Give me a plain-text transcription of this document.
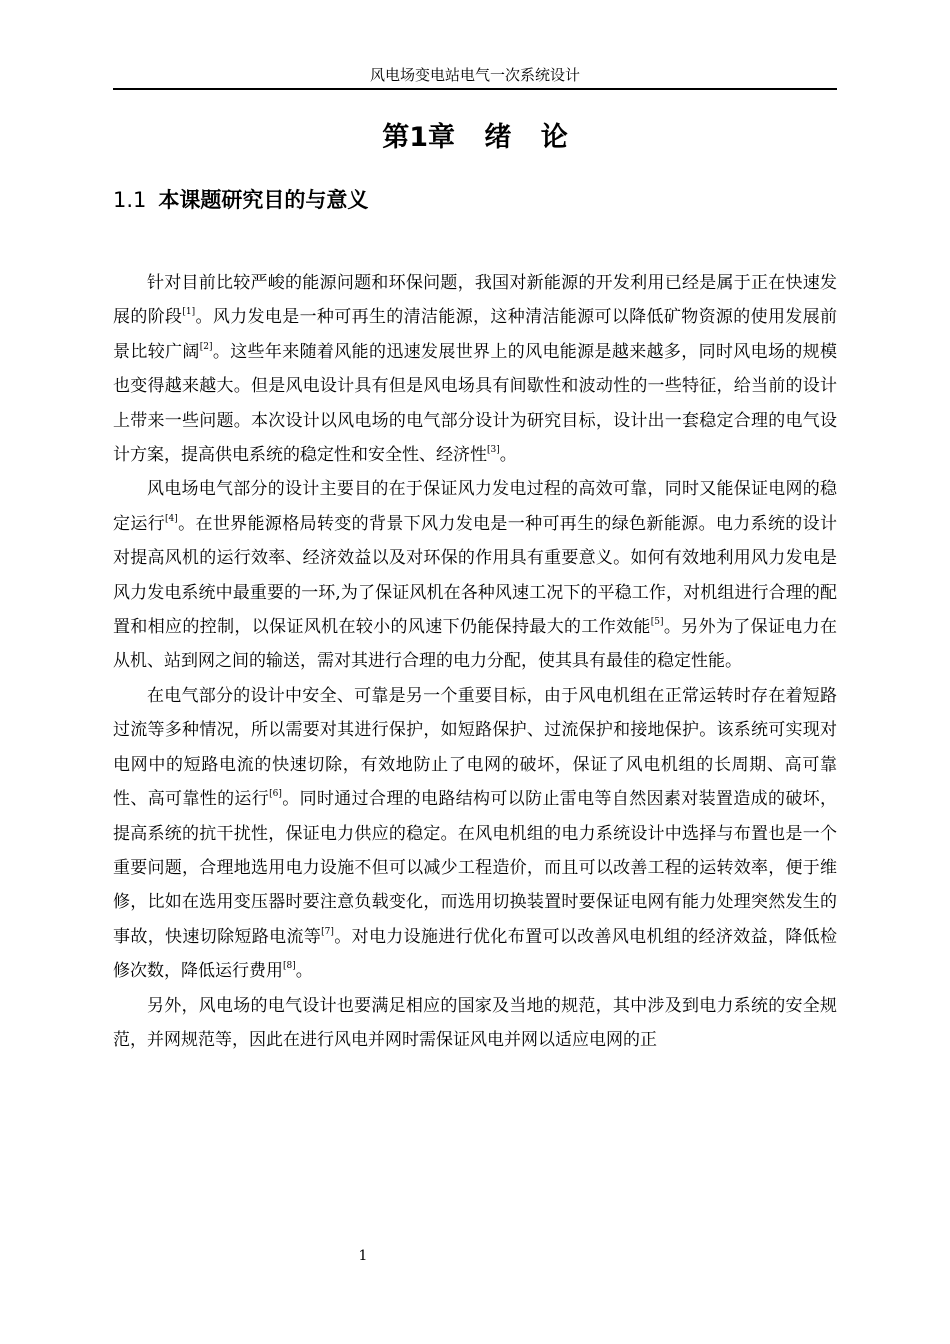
风电场变电站电气一次系统设计
第1章 绪 论
1.1 本课题研究目的与意义

针对目前比较严峻的能源问题和环保问题，我国对新能源的开发利用已经是属于正在快速发展的阶段[1]。风力发电是一种可再生的清洁能源，这种清洁能源可以降低矿物资源的使用发展前景比较广阔[2]。这些年来随着风能的迅速发展世界上的风电能源是越来越多，同时风电场的规模也变得越来越大。但是风电设计具有但是风电场具有间歇性和波动性的一些特征，给当前的设计上带来一些问题。本次设计以风电场的电气部分设计为研究目标，设计出一套稳定合理的电气设计方案，提高供电系统的稳定性和安全性、经济性[3]。

风电场电气部分的设计主要目的在于保证风力发电过程的高效可靠，同时又能保证电网的稳定运行[4]。在世界能源格局转变的背景下风力发电是一种可再生的绿色新能源。电力系统的设计对提高风机的运行效率、经济效益以及对环保的作用具有重要意义。如何有效地利用风力发电是风力发电系统中最重要的一环,为了保证风机在各种风速工况下的平稳工作，对机组进行合理的配置和相应的控制，以保证风机在较小的风速下仍能保持最大的工作效能[5]。另外为了保证电力在从机、站到网之间的输送，需对其进行合理的电力分配，使其具有最佳的稳定性能。

在电气部分的设计中安全、可靠是另一个重要目标，由于风电机组在正常运转时存在着短路过流等多种情况，所以需要对其进行保护，如短路保护、过流保护和接地保护。该系统可实现对电网中的短路电流的快速切除，有效地防止了电网的破坏，保证了风电机组的长周期、高可靠性、高可靠性的运行[6]。同时通过合理的电路结构可以防止雷电等自然因素对装置造成的破坏，提高系统的抗干扰性，保证电力供应的稳定。在风电机组的电力系统设计中选择与布置也是一个重要问题，合理地选用电力设施不但可以减少工程造价，而且可以改善工程的运转效率，便于维修，比如在选用变压器时要注意负载变化，而选用切换装置时要保证电网有能力处理突然发生的事故，快速切除短路电流等[7]。对电力设施进行优化布置可以改善风电机组的经济效益，降低检修次数，降低运行费用[8]。

另外，风电场的电气设计也要满足相应的国家及当地的规范，其中涉及到电力系统的安全规范，并网规范等，因此在进行风电并网时需保证风电并网以适应电网的正

1
